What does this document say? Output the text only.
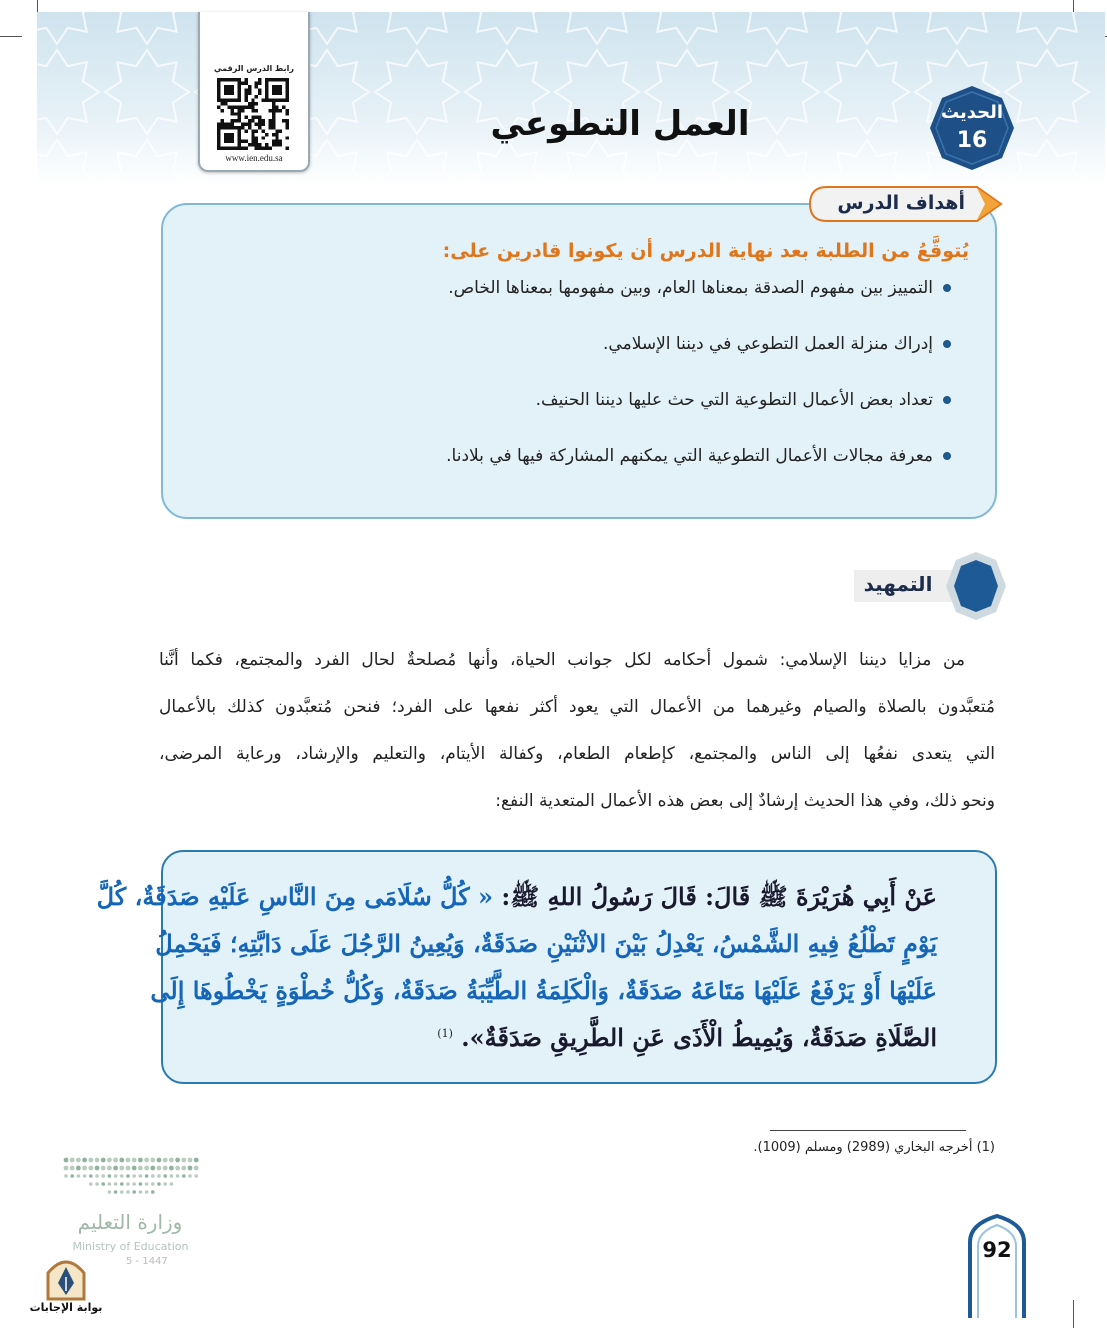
رابط الدرس الرقمي
www.ien.edu.sa
العمل التطوعي	الحديث
16
أهداف الدرس
يُتوقَّعُ من الطلبة بعد نهاية الدرس أن يكونوا قادرين على:
التمييز بين مفهوم الصدقة بمعناها العام، وبين مفهومها بمعناها الخاص.
إدراك منزلة العمل التطوعي في ديننا الإسلامي.
تعداد بعض الأعمال التطوعية التي حث عليها ديننا الحنيف.
معرفة مجالات الأعمال التطوعية التي يمكنهم المشاركة فيها في بلادنا.
التمهيد
من مزايا ديننا الإسلامي: شمول أحكامه لكل جوانب الحياة، وأنها مُصلحةٌ لحال الفرد والمجتمع، فكما أنَّنا
مُتعبَّدون بالصلاة والصيام وغيرهما من الأعمال التي يعود أكثر نفعها على الفرد؛ فنحن مُتعبَّدون كذلك بالأعمال
التي يتعدى نفعُها إلى الناس والمجتمع، كإطعام الطعام، وكفالة الأيتام، والتعليم والإرشاد، ورعاية المرضى،
ونحو ذلك، وفي هذا الحديث إرشادٌ إلى بعض هذه الأعمال المتعدية النفع:
عَنْ أَبِي هُرَيْرَةَ ﷺ قَالَ: قَالَ رَسُولُ اللهِ ﷺ: « كُلُّ سُلَامَى مِنَ النَّاسِ عَلَيْهِ صَدَقَةٌ، كُلَّ
يَوْمٍ تَطْلُعُ فِيهِ الشَّمْسُ، يَعْدِلُ بَيْنَ الاثْنَيْنِ صَدَقَةٌ، وَيُعِينُ الرَّجُلَ عَلَى دَابَّتِهِ؛ فَيَحْمِلُ
عَلَيْهَا أَوْ يَرْفَعُ عَلَيْهَا مَتَاعَهُ صَدَقَةٌ، وَالْكَلِمَةُ الطَّيِّبَةُ صَدَقَةٌ، وَكُلُّ خُطْوَةٍ يَخْطُوهَا إِلَى
الصَّلَاةِ صَدَقَةٌ، وَيُمِيطُ الْأَذَى عَنِ الطَّرِيقِ صَدَقَةٌ». $^{(1)}$
(1) أخرجه البخاري (2989) ومسلم (1009).
وزارة التعليم
Ministry of Education
5 - 1447
بوابة الإجابات
92
